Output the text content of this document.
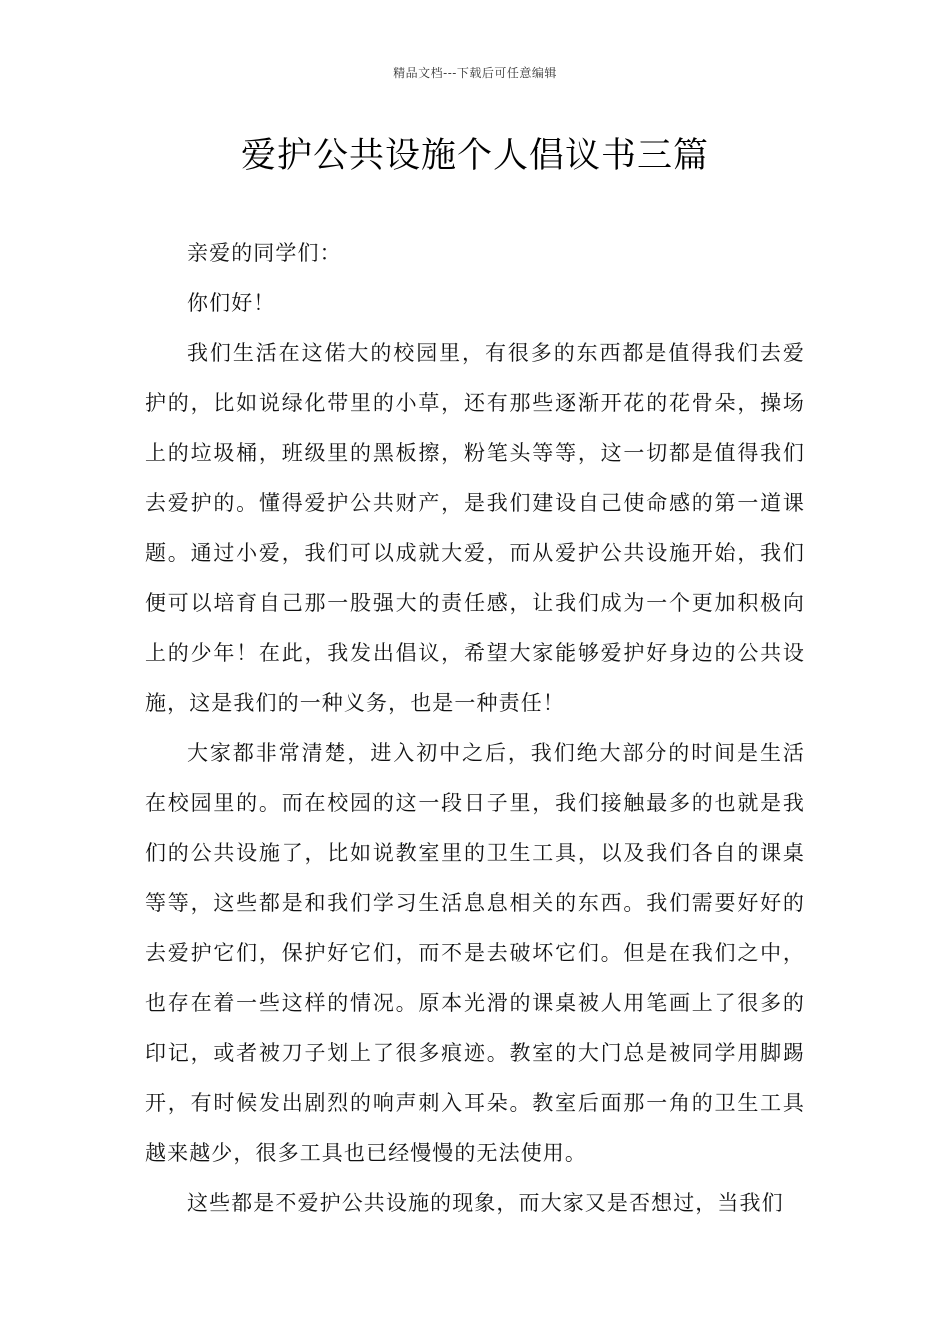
精品文档---下载后可任意编辑
爱护公共设施个人倡议书三篇

亲爱的同学们：

你们好！

我们生活在这偌大的校园里，有很多的东西都是值得我们去爱护的，比如说绿化带里的小草，还有那些逐渐开花的花骨朵，操场上的垃圾桶，班级里的黑板擦，粉笔头等等，这一切都是值得我们去爱护的。懂得爱护公共财产，是我们建设自己使命感的第一道课题。通过小爱，我们可以成就大爱，而从爱护公共设施开始，我们便可以培育自己那一股强大的责任感，让我们成为一个更加积极向上的少年！在此，我发出倡议，希望大家能够爱护好身边的公共设施，这是我们的一种义务，也是一种责任！

大家都非常清楚，进入初中之后，我们绝大部分的时间是生活在校园里的。而在校园的这一段日子里，我们接触最多的也就是我们的公共设施了，比如说教室里的卫生工具，以及我们各自的课桌等等，这些都是和我们学习生活息息相关的东西。我们需要好好的去爱护它们，保护好它们，而不是去破坏它们。但是在我们之中，也存在着一些这样的情况。原本光滑的课桌被人用笔画上了很多的印记，或者被刀子划上了很多痕迹。教室的大门总是被同学用脚踢开，有时候发出剧烈的响声刺入耳朵。教室后面那一角的卫生工具越来越少，很多工具也已经慢慢的无法使用。

这些都是不爱护公共设施的现象，而大家又是否想过，当我们
